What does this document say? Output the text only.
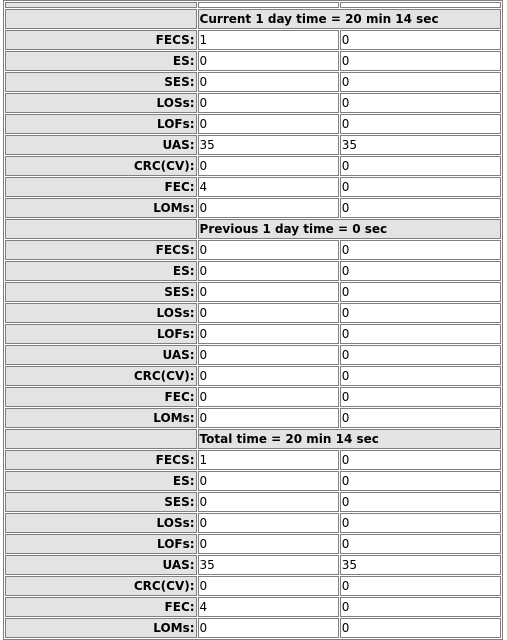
	Current 1 day time = 20 min 14 sec	
FECS:	1	0
ES:	0	0
SES:	0	0
LOSs:	0	0
LOFs:	0	0
UAS:	35	35
CRC(CV):	0	0
FEC:	4	0
LOMs:	0	0
	Previous 1 day time = 0 sec	
FECS:	0	0
ES:	0	0
SES:	0	0
LOSs:	0	0
LOFs:	0	0
UAS:	0	0
CRC(CV):	0	0
FEC:	0	0
LOMs:	0	0
	Total time = 20 min 14 sec	
FECS:	1	0
ES:	0	0
SES:	0	0
LOSs:	0	0
LOFs:	0	0
UAS:	35	35
CRC(CV):	0	0
FEC:	4	0
LOMs:	0	0
